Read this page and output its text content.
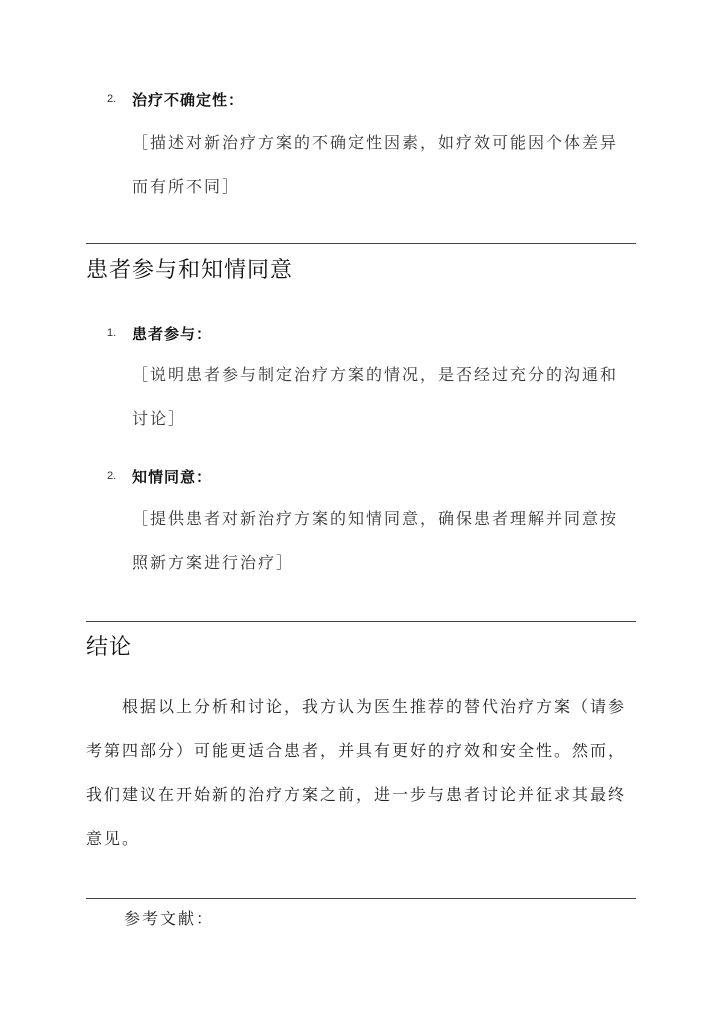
2. 治疗不确定性：
［描述对新治疗方案的不确定性因素，如疗效可能因个体差异而有所不同］
患者参与和知情同意
1. 患者参与：
［说明患者参与制定治疗方案的情况，是否经过充分的沟通和讨论］
2. 知情同意：
［提供患者对新治疗方案的知情同意，确保患者理解并同意按照新方案进行治疗］
结论
根据以上分析和讨论，我方认为医生推荐的替代治疗方案（请参考第四部分）可能更适合患者，并具有更好的疗效和安全性。然而，我们建议在开始新的治疗方案之前，进一步与患者讨论并征求其最终意见。
参考文献：
